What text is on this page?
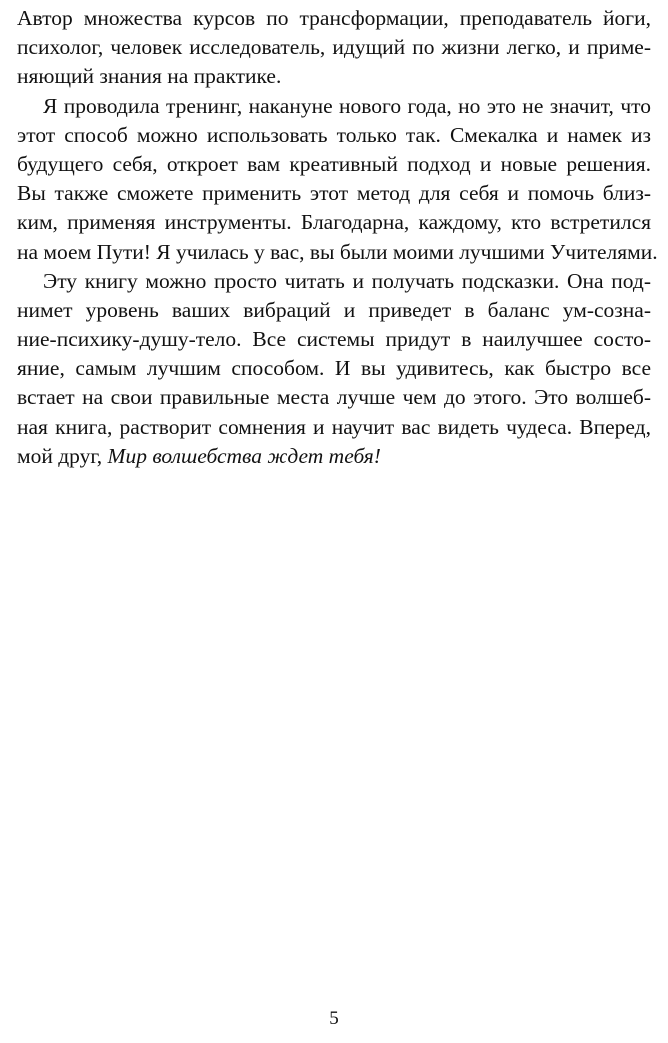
Автор множества курсов по трансформации, преподаватель йоги,
психолог, человек исследователь, идущий по жизни легко, и приме-
няющий знания на практике.
Я проводила тренинг, накануне нового года, но это не значит, что
этот способ можно использовать только так. Смекалка и намек из
будущего себя, откроет вам креативный подход и новые решения.
Вы также сможете применить этот метод для себя и помочь близ-
ким, применяя инструменты. Благодарна, каждому, кто встретился
на моем Пути! Я училась у вас, вы были моими лучшими Учителями.
Эту книгу можно просто читать и получать подсказки. Она под-
нимет уровень ваших вибраций и приведет в баланс ум-созна-
ние-психику-душу-тело. Все системы придут в наилучшее состо-
яние, самым лучшим способом. И вы удивитесь, как быстро все
встает на свои правильные места лучше чем до этого. Это волшеб-
ная книга, растворит сомнения и научит вас видеть чудеса. Вперед,
мой друг, Мир волшебства ждет тебя!
5
